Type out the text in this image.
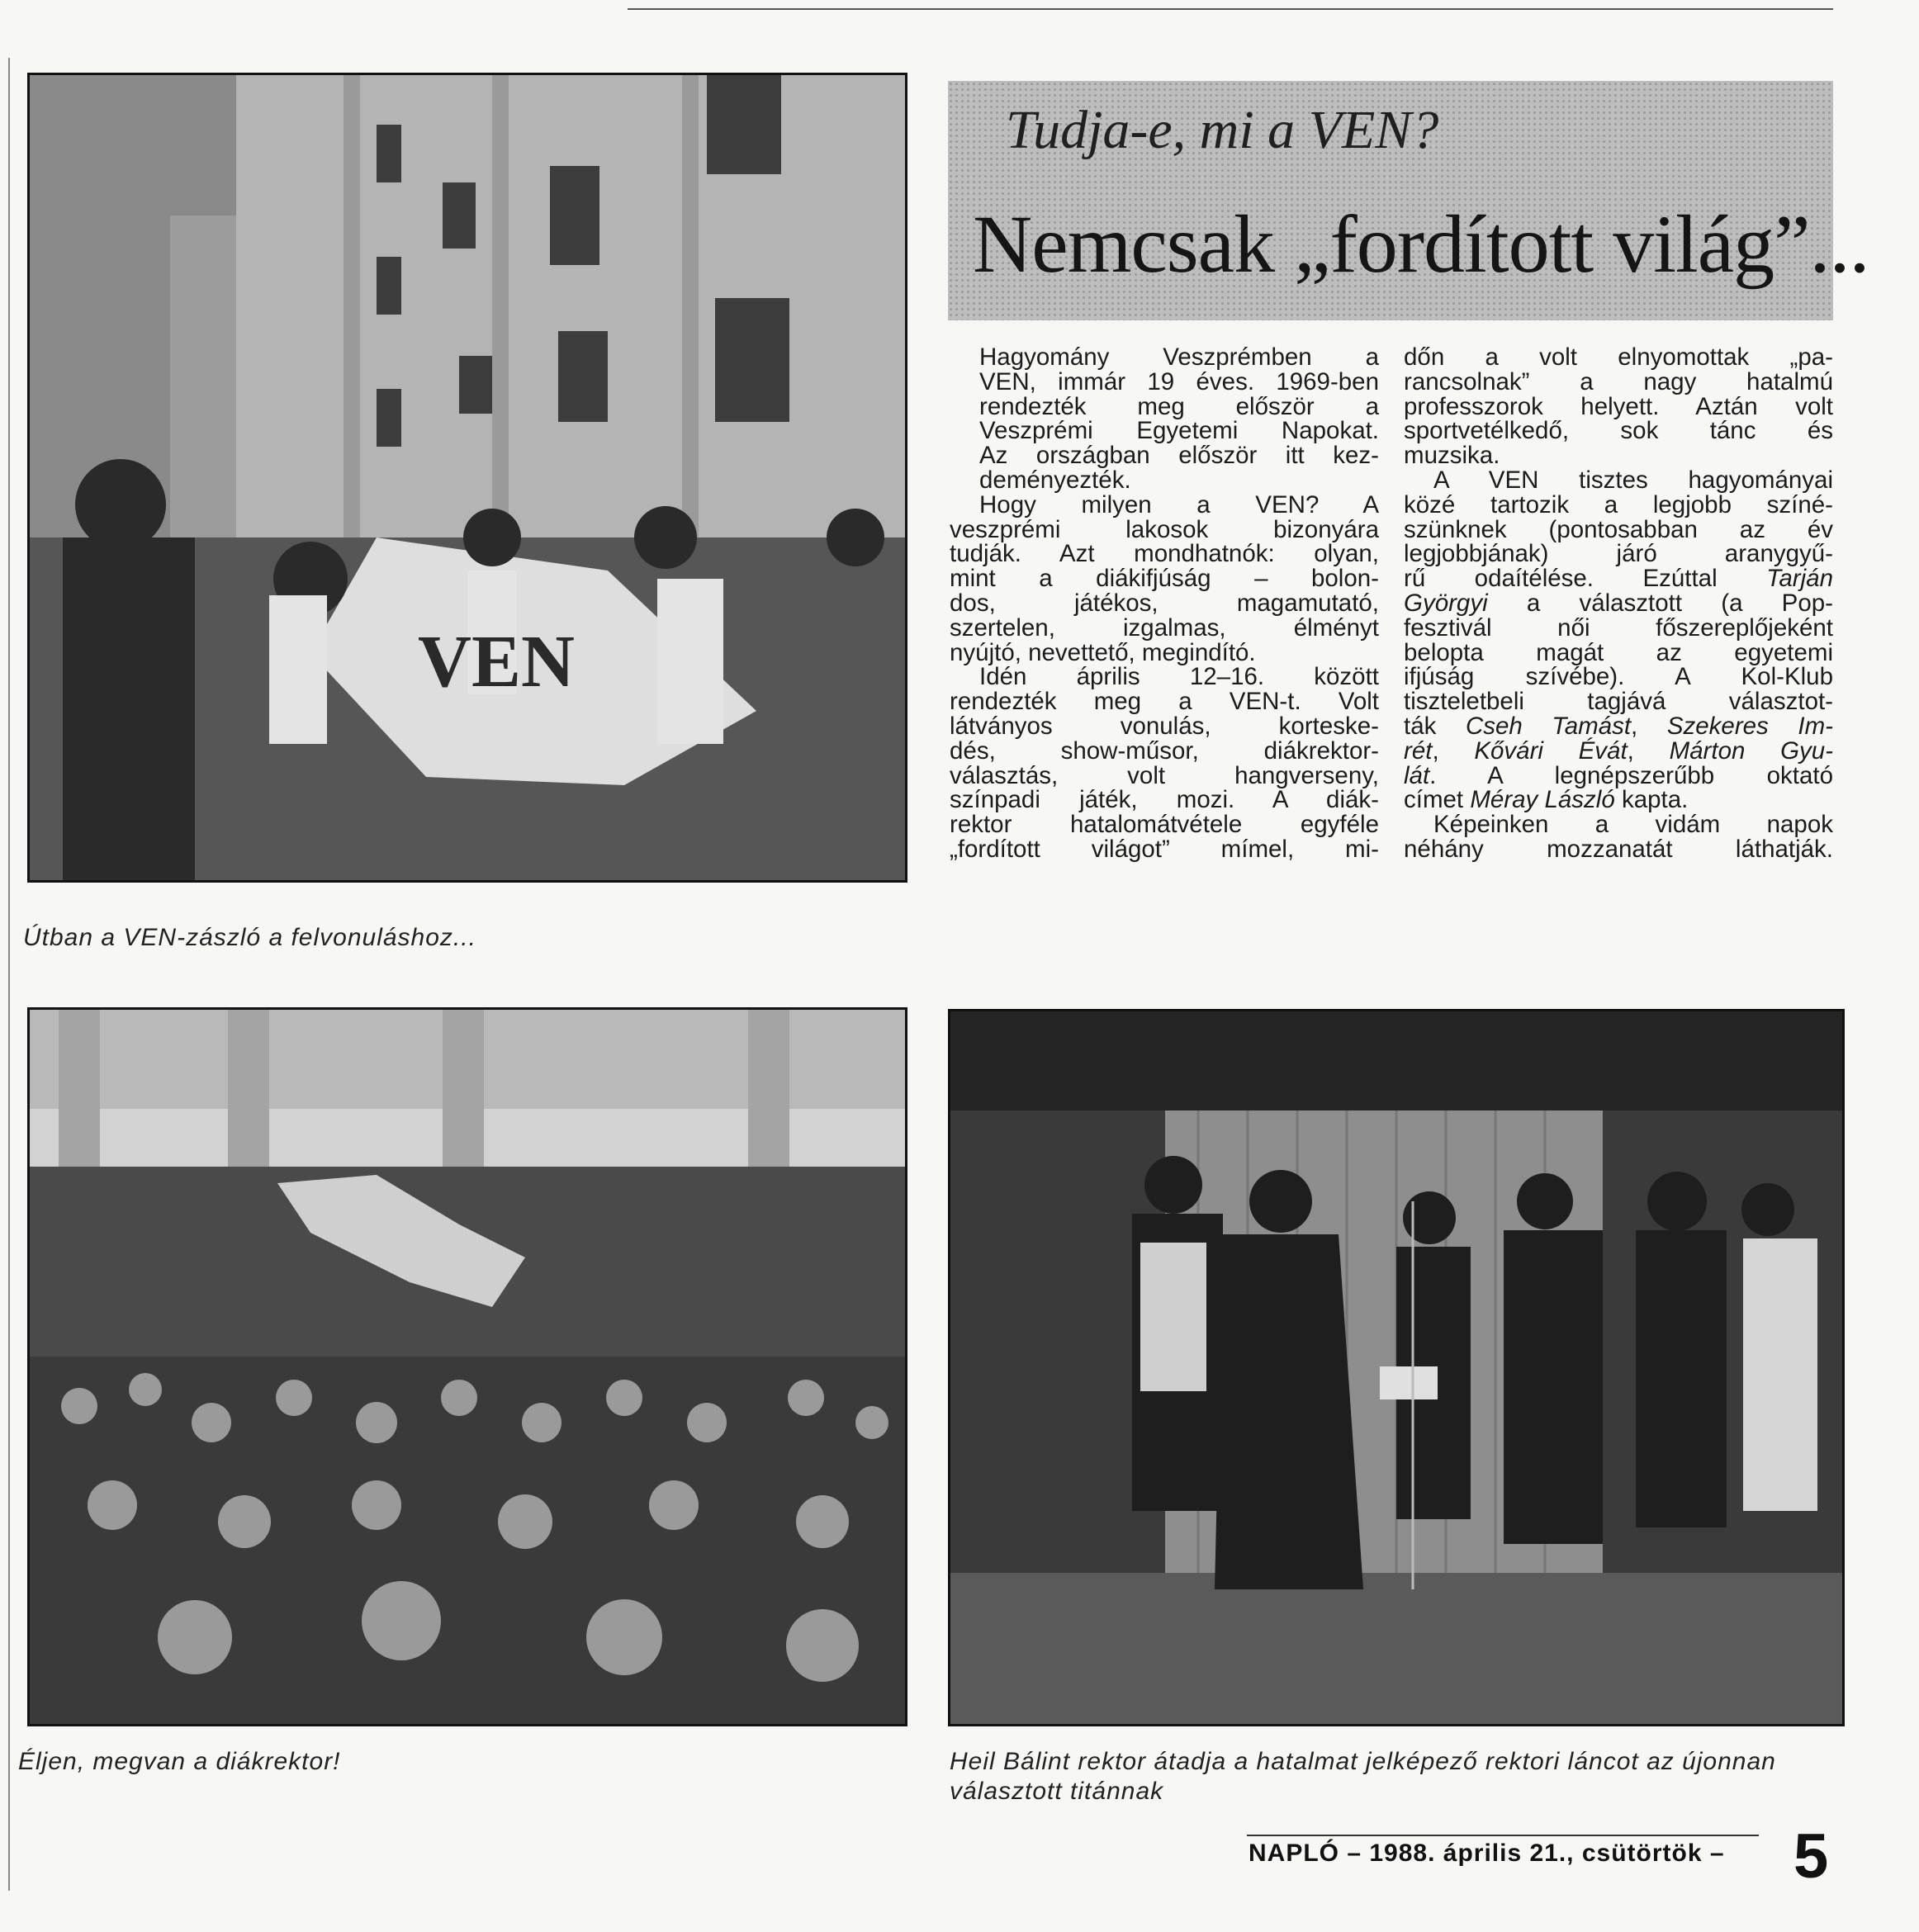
VEN
Útban a VEN-zászló a felvonuláshoz...
Tudja-e, mi a VEN?
Nemcsak „fordított világ”...

Hagyomány Veszprémben a
VEN, immár 19 éves. 1969-ben
rendezték meg először a
Veszprémi Egyetemi Napokat.
Az országban először itt kez-
deményezték.

Hogy milyen a VEN? A
veszprémi lakosok bizonyára
tudják. Azt mondhatnók: olyan,
mint a diákifjúság – bolon-
dos, játékos, magamutató,
szertelen, izgalmas, élményt
nyújtó, nevettető, megindító.

Idén április 12–16. között
rendezték meg a VEN-t. Volt
látványos vonulás, korteske-
dés, show-műsor, diákrektor-
választás, volt hangverseny,
színpadi játék, mozi. A diák-
rektor hatalomátvétele egyféle
„fordított világot” mímel, mi-

dőn a volt elnyomottak „pa-
rancsolnak” a nagy hatalmú
professzorok helyett. Aztán volt
sportvetélkedő, sok tánc és
muzsika.

A VEN tisztes hagyományai
közé tartozik a legjobb színé-
szünknek (pontosabban az év
legjobbjának) járó aranygyű-
rű odaítélése. Ezúttal Tarján
Györgyi a választott (a Pop-
fesztivál női főszereplőjeként
belopta magát az egyetemi
ifjúság szívébe). A Kol-Klub
tiszteletbeli tagjává választot-
ták Cseh Tamást, Szekeres Im-
rét, Kővári Évát, Márton Gyu-
lát. A legnépszerűbb oktató
címet Méray László kapta.

Képeinken a vidám napok
néhány mozzanatát láthatják.

Éljen, megvan a diákrektor!	Heil Bálint rektor átadja a hatalmat jelképező rektori láncot az újonnan választott titánnak
NAPLÓ – 1988. április 21., csütörtök – 5
